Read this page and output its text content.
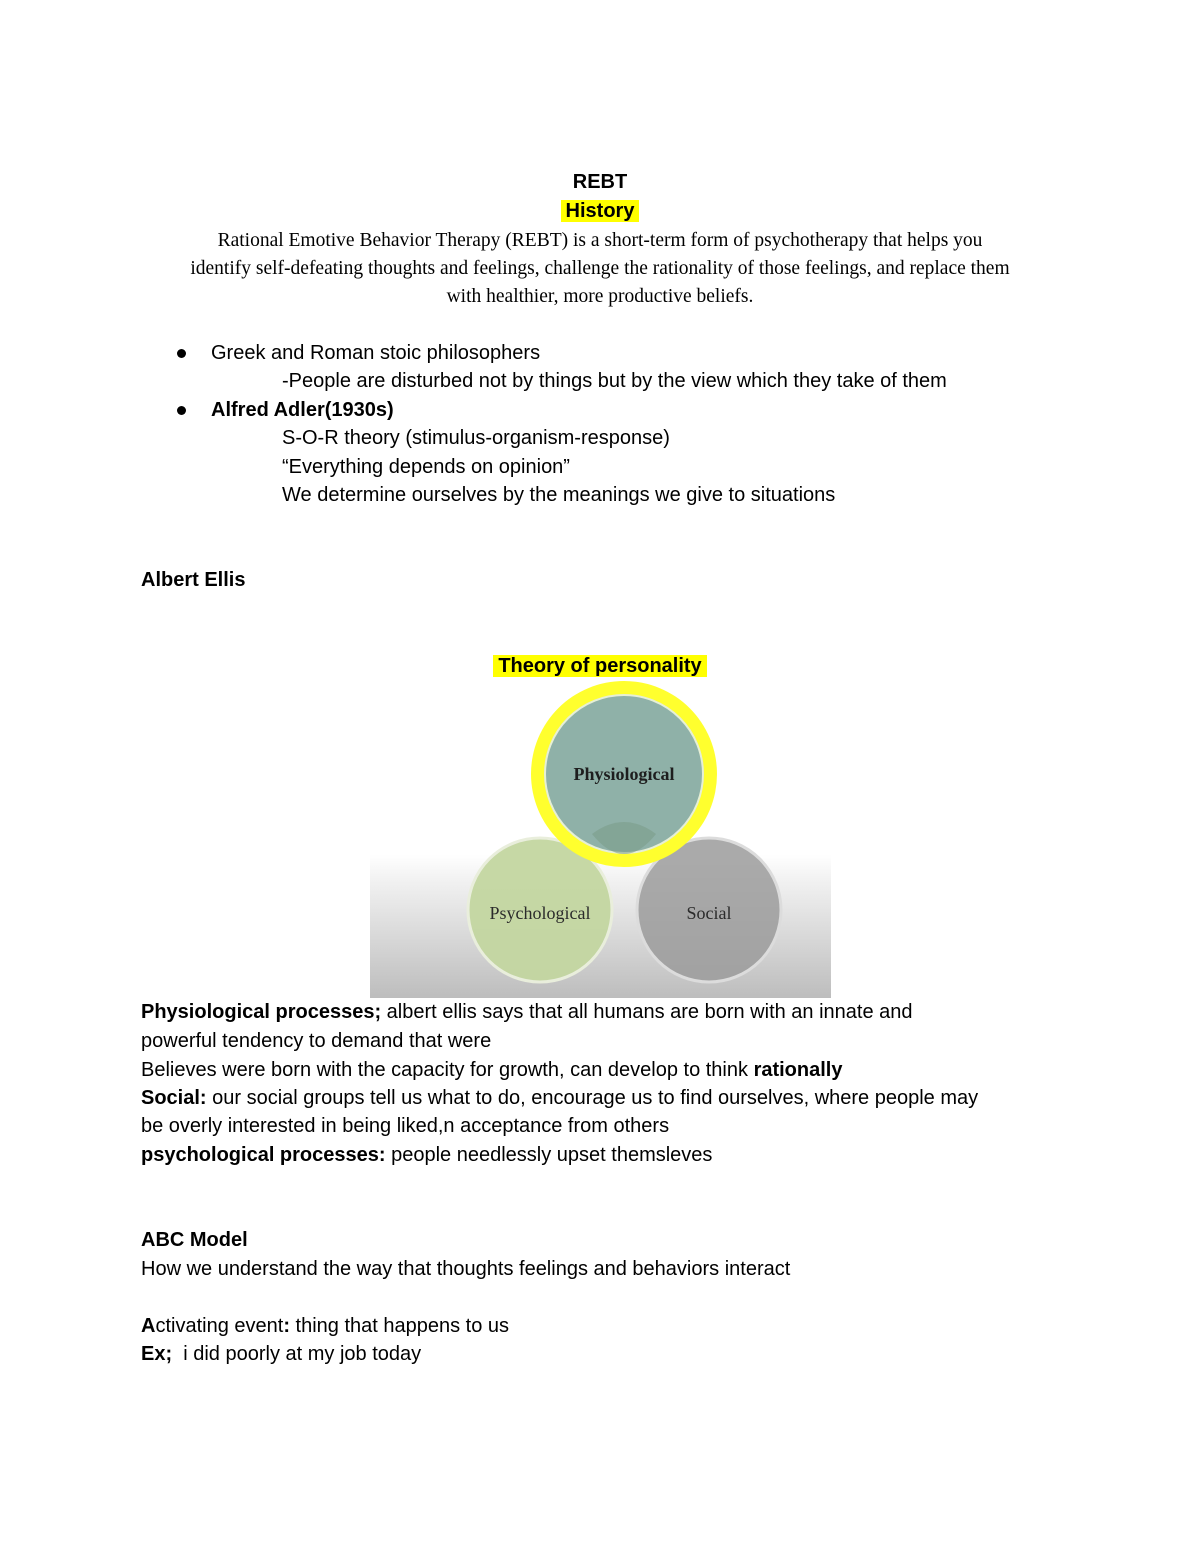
REBT
History
Rational Emotive Behavior Therapy (REBT) is a short-term form of psychotherapy that helps you
identify self-defeating thoughts and feelings, challenge the rationality of those feelings, and replace them
with healthier, more productive beliefs.
Greek and Roman stoic philosophers
-People are disturbed not by things but by the view which they take of them
Alfred Adler(1930s)
S-O-R theory (stimulus-organism-response)
“Everything depends on opinion”
We determine ourselves by the meanings we give to situations
Albert Ellis
Theory of personality
Physiological
Psychological	Social
Physiological processes; albert ellis says that all humans are born with an innate and
powerful tendency to demand that were
Believes were born with the capacity for growth, can develop to think rationally
Social: our social groups tell us what to do, encourage us to find ourselves, where people may
be overly interested in being liked,n acceptance from others
psychological processes: people needlessly upset themsleves
ABC Model
How we understand the way that thoughts feelings and behaviors interact
Activating event: thing that happens to us
Ex;  i did poorly at my job today
